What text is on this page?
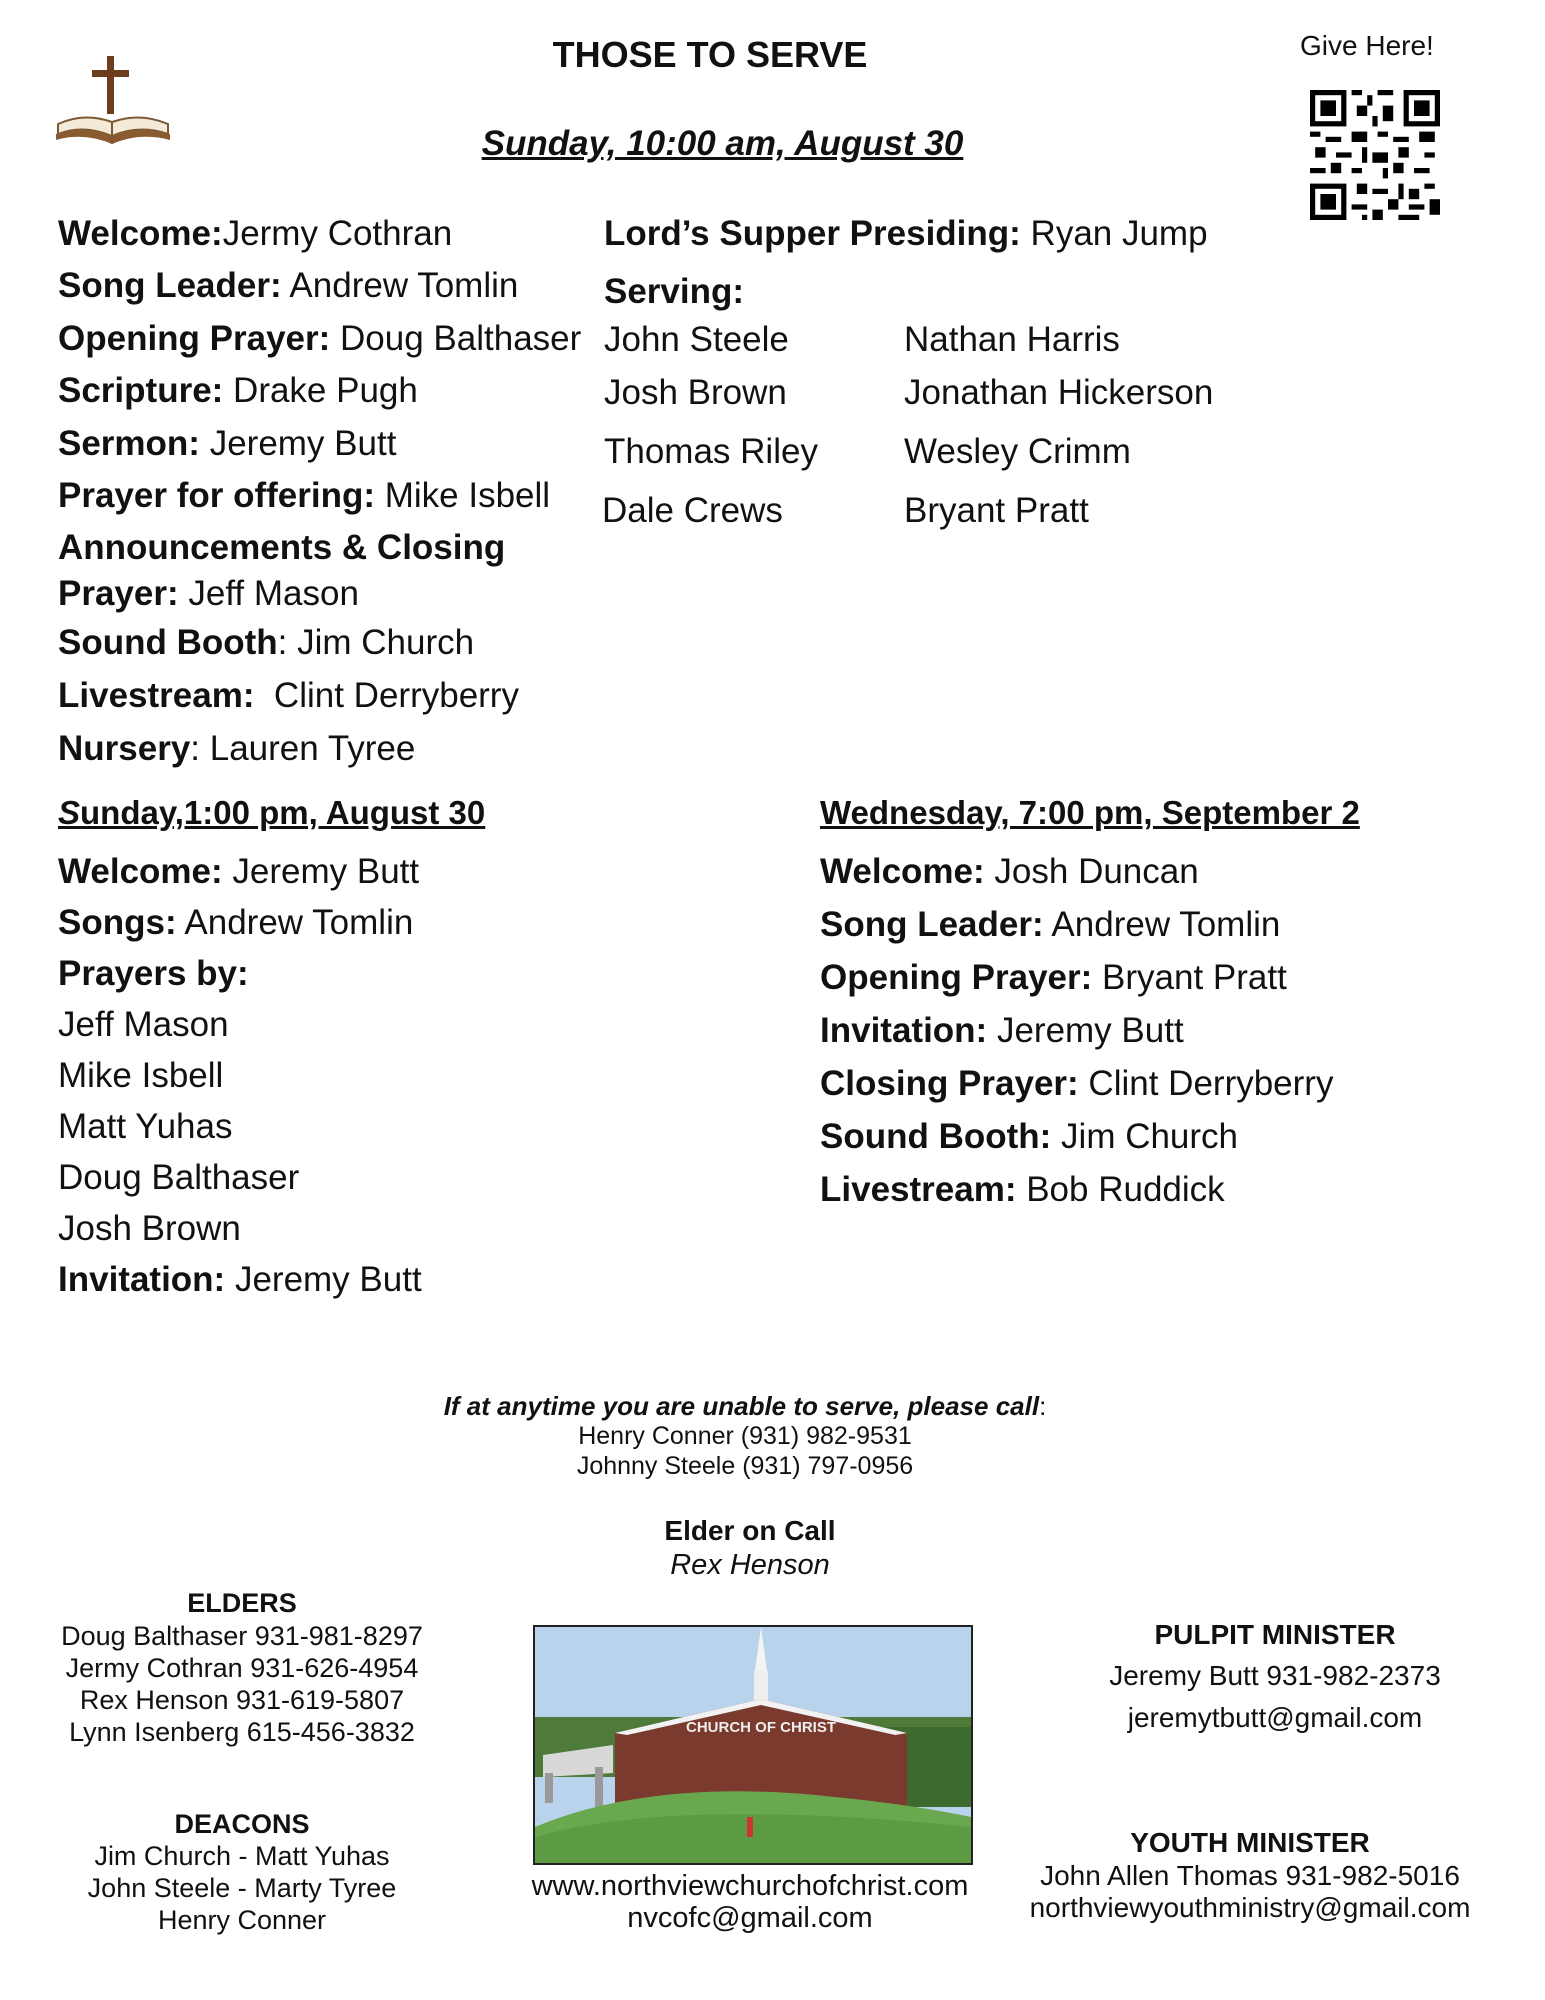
THOSE TO SERVE
Sunday, 10:00 am, August 30
Give Here!
Welcome:Jermy Cothran
Song Leader: Andrew Tomlin
Opening Prayer: Doug Balthaser
Scripture: Drake Pugh
Sermon: Jeremy Butt
Prayer for offering: Mike Isbell
Announcements & Closing
Prayer: Jeff Mason
Sound Booth: Jim Church
Livestream:  Clint Derryberry
Nursery: Lauren Tyree
Lord’s Supper Presiding: Ryan Jump
Serving:
John Steele
Josh Brown
Thomas Riley
Dale Crews
Nathan Harris
Jonathan Hickerson
Wesley Crimm
Bryant Pratt
Sunday,1:00 pm, August 30
Welcome: Jeremy Butt
Songs: Andrew Tomlin
Prayers by:
Jeff Mason
Mike Isbell
Matt Yuhas
Doug Balthaser
Josh Brown
Invitation: Jeremy Butt
Wednesday, 7:00 pm, September 2
Welcome: Josh Duncan
Song Leader: Andrew Tomlin
Opening Prayer: Bryant Pratt
Invitation: Jeremy Butt
Closing Prayer: Clint Derryberry
Sound Booth: Jim Church
Livestream: Bob Ruddick
If at anytime you are unable to serve, please call:
Henry Conner (931) 982-9531
Johnny Steele (931) 797-0956
Elder on Call
Rex Henson
ELDERS
Doug Balthaser 931-981-8297
Jermy Cothran 931-626-4954
Rex Henson 931-619-5807
Lynn Isenberg 615-456-3832
DEACONS
Jim Church - Matt Yuhas
John Steele - Marty Tyree
Henry Conner
CHURCH OF CHRIST
www.northviewchurchofchrist.com
nvcofc@gmail.com
PULPIT MINISTER
Jeremy Butt 931-982-2373
jeremytbutt@gmail.com
YOUTH MINISTER
John Allen Thomas 931-982-5016
northviewyouthministry@gmail.com
